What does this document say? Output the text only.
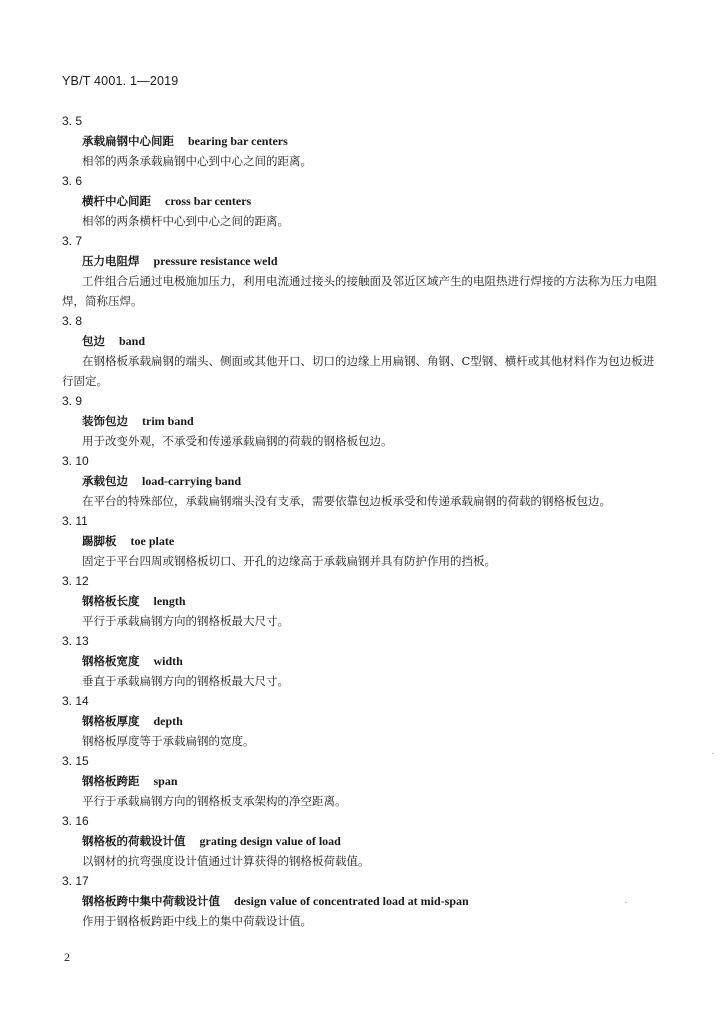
YB/T 4001. 1—2019
3. 5
承载扁钢中心间距 bearing bar centers

相邻的两条承载扁钢中心到中心之间的距离。

3. 6
横杆中心间距 cross bar centers

相邻的两条横杆中心到中心之间的距离。

3. 7
压力电阻焊 pressure resistance weld

工件组合后通过电极施加压力，利用电流通过接头的接触面及邻近区域产生的电阻热进行焊接的方法称为压力电阻焊，简称压焊。

3. 8
包边 band

在钢格板承载扁钢的端头、侧面或其他开口、切口的边缘上用扁钢、角钢、C型钢、横杆或其他材料作为包边板进行固定。

3. 9
装饰包边 trim band

用于改变外观，不承受和传递承载扁钢的荷载的钢格板包边。

3. 10
承载包边 load-carrying band

在平台的特殊部位，承载扁钢端头没有支承，需要依靠包边板承受和传递承载扁钢的荷载的钢格板包边。

3. 11
踢脚板 toe plate

固定于平台四周或钢格板切口、开孔的边缘高于承载扁钢并具有防护作用的挡板。

3. 12
钢格板长度 length

平行于承载扁钢方向的钢格板最大尺寸。

3. 13
钢格板宽度 width

垂直于承载扁钢方向的钢格板最大尺寸。

3. 14
钢格板厚度 depth

钢格板厚度等于承载扁钢的宽度。

3. 15
钢格板跨距 span

平行于承载扁钢方向的钢格板支承架构的净空距离。

3. 16
钢格板的荷载设计值 grating design value of load

以钢材的抗弯强度设计值通过计算获得的钢格板荷载值。

3. 17
钢格板跨中集中荷载设计值 design value of concentrated load at mid-span

作用于钢格板跨距中线上的集中荷载设计值。

2
